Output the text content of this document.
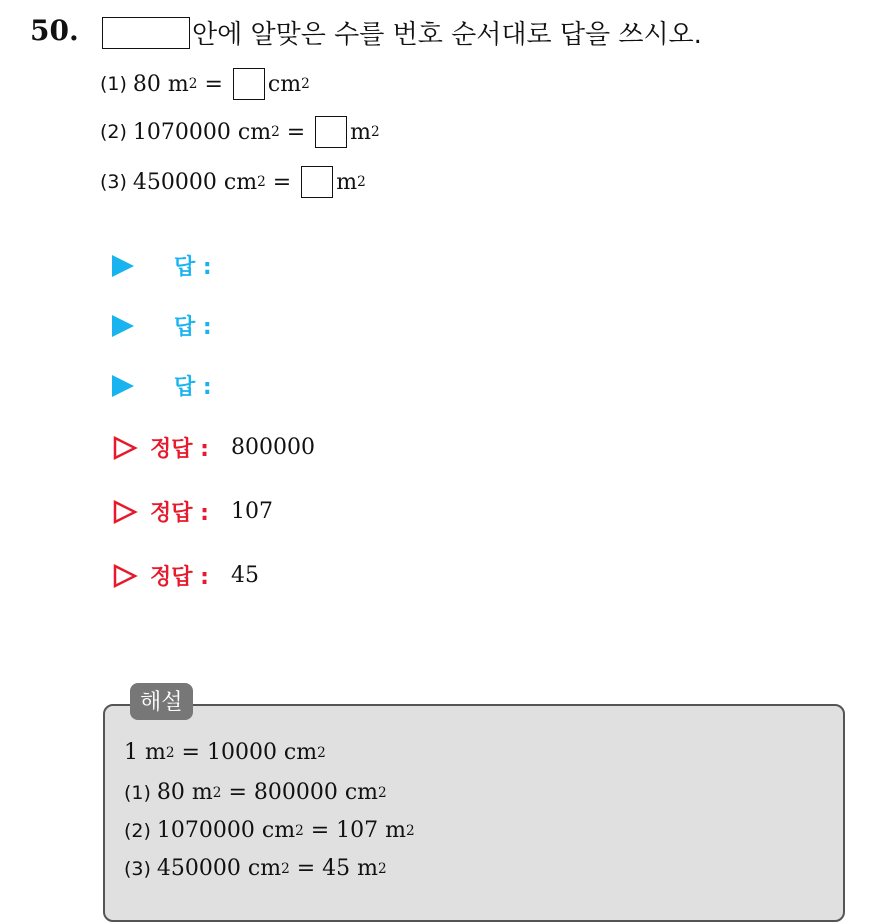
50.	안에 알맞은 수를 번호 순서대로 답을 쓰시오.
(1) 80 m 2 = cm 2
(2) 1070000 cm 2 = m 2
(3) 450000 cm 2 = m 2
답 :
답 :
답 :
정답 : 800000
정답 : 107
정답 : 45
해설
1 m 2 = 10000 cm 2
(1) 80 m 2 = 800000 cm 2
(2) 1070000 cm 2 = 107 m 2
(3) 450000 cm 2 = 45 m 2
